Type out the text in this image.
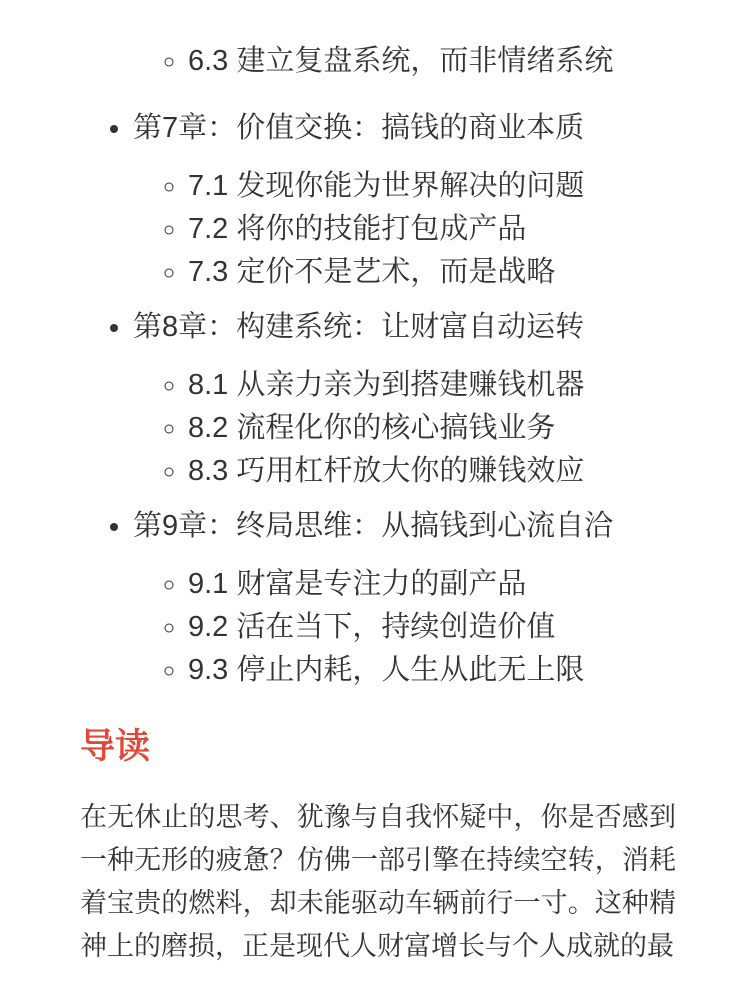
◦ 6.3 建立复盘系统，而非情绪系统
• 第7章：价值交换：搞钱的商业本质
◦ 7.1 发现你能为世界解决的问题
◦ 7.2 将你的技能打包成产品
◦ 7.3 定价不是艺术，而是战略
• 第8章：构建系统：让财富自动运转
◦ 8.1 从亲力亲为到搭建赚钱机器
◦ 8.2 流程化你的核心搞钱业务
◦ 8.3 巧用杠杆放大你的赚钱效应
• 第9章：终局思维：从搞钱到心流自洽
◦ 9.1 财富是专注力的副产品
◦ 9.2 活在当下，持续创造价值
◦ 9.3 停止内耗，人生从此无上限
导读

在无休止的思考、犹豫与自我怀疑中，你是否感到一种无形的疲惫？仿佛一部引擎在持续空转，消耗着宝贵的燃料，却未能驱动车辆前行一寸。这种精神上的磨损，正是现代人财富增长与个人成就的最
